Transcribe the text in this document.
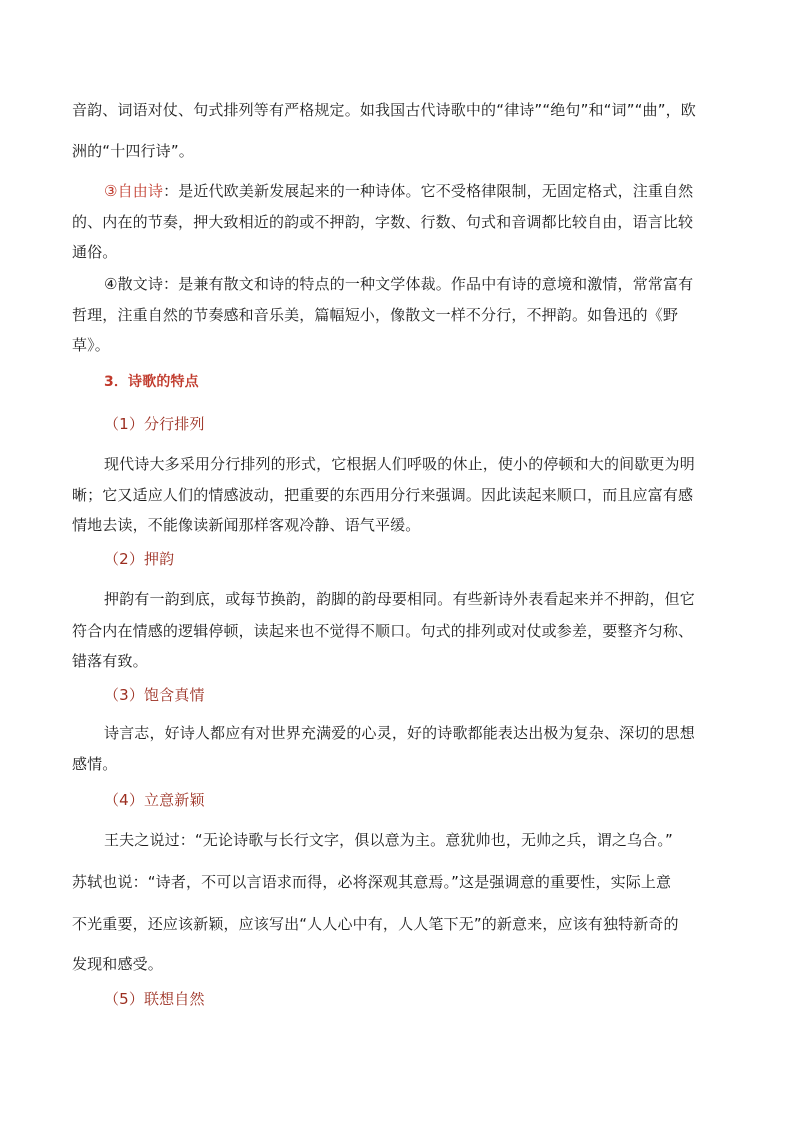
音韵、词语对仗、句式排列等有严格规定。如我国古代诗歌中的“律诗”“绝句”和“词”“曲”，欧
洲的“十四行诗”。
③自由诗：是近代欧美新发展起来的一种诗体。它不受格律限制，无固定格式，注重自然
的、内在的节奏，押大致相近的韵或不押韵，字数、行数、句式和音调都比较自由，语言比较
通俗。
④散文诗：是兼有散文和诗的特点的一种文学体裁。作品中有诗的意境和激情，常常富有
哲理，注重自然的节奏感和音乐美，篇幅短小，像散文一样不分行，不押韵。如鲁迅的《野
草》。
3．诗歌的特点
（1）分行排列
现代诗大多采用分行排列的形式，它根据人们呼吸的休止，使小的停顿和大的间歇更为明
晰；它又适应人们的情感波动，把重要的东西用分行来强调。因此读起来顺口，而且应富有感
情地去读，不能像读新闻那样客观冷静、语气平缓。
（2）押韵
押韵有一韵到底，或每节换韵，韵脚的韵母要相同。有些新诗外表看起来并不押韵，但它
符合内在情感的逻辑停顿，读起来也不觉得不顺口。句式的排列或对仗或参差，要整齐匀称、
错落有致。
（3）饱含真情
诗言志，好诗人都应有对世界充满爱的心灵，好的诗歌都能表达出极为复杂、深切的思想
感情。
（4）立意新颖
王夫之说过：“无论诗歌与长行文字，俱以意为主。意犹帅也，无帅之兵，谓之乌合。”
苏轼也说：“诗者，不可以言语求而得，必将深观其意焉。”这是强调意的重要性，实际上意
不光重要，还应该新颖，应该写出“人人心中有，人人笔下无”的新意来，应该有独特新奇的
发现和感受。
（5）联想自然
